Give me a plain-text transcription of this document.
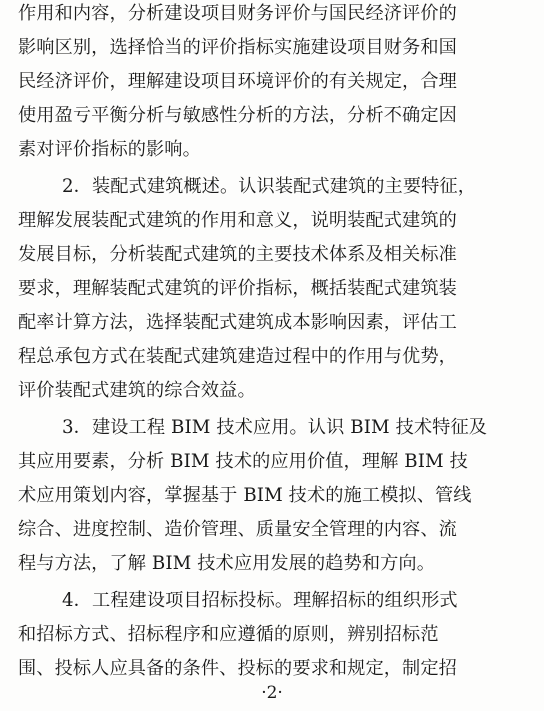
作用和内容，分析建设项目财务评价与国民经济评价的
影响区别，选择恰当的评价指标实施建设项目财务和国
民经济评价，理解建设项目环境评价的有关规定，合理
使用盈亏平衡分析与敏感性分析的方法，分析不确定因
素对评价指标的影响。
2．装配式建筑概述。认识装配式建筑的主要特征，
理解发展装配式建筑的作用和意义，说明装配式建筑的
发展目标，分析装配式建筑的主要技术体系及相关标准
要求，理解装配式建筑的评价指标，概括装配式建筑装
配率计算方法，选择装配式建筑成本影响因素，评估工
程总承包方式在装配式建筑建造过程中的作用与优势，
评价装配式建筑的综合效益。
3．建设工程 BIM 技术应用。认识 BIM 技术特征及
其应用要素，分析 BIM 技术的应用价值，理解 BIM 技
术应用策划内容，掌握基于 BIM 技术的施工模拟、管线
综合、进度控制、造价管理、质量安全管理的内容、流
程与方法，了解 BIM 技术应用发展的趋势和方向。
4．工程建设项目招标投标。理解招标的组织形式
和招标方式、招标程序和应遵循的原则，辨别招标范
围、投标人应具备的条件、投标的要求和规定，制定招
·2·
